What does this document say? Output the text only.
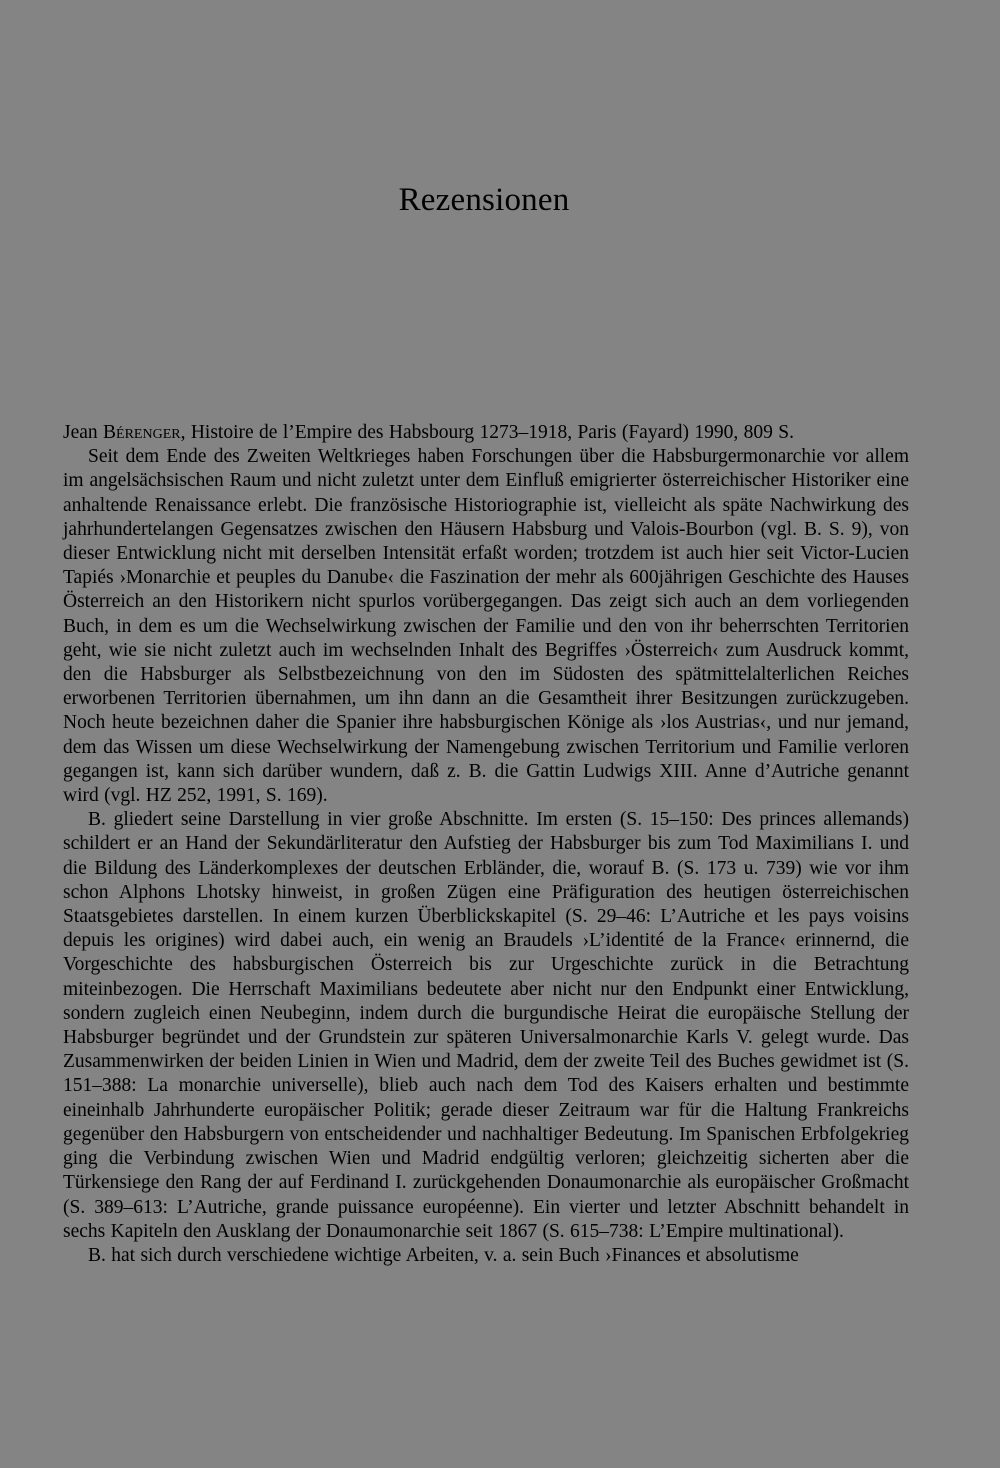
Rezensionen

Jean Bérenger, Histoire de l’Empire des Habsbourg 1273–1918, Paris (Fayard) 1990, 809 S.

Seit dem Ende des Zweiten Weltkrieges haben Forschungen über die Habsburgermonarchie vor allem im angelsächsischen Raum und nicht zuletzt unter dem Einfluß emigrierter österreichischer Historiker eine anhaltende Renaissance erlebt. Die französische Historiographie ist, vielleicht als späte Nachwirkung des jahrhundertelangen Gegensatzes zwischen den Häusern Habsburg und Valois-Bourbon (vgl. B. S. 9), von dieser Entwicklung nicht mit derselben Intensität erfaßt worden; trotzdem ist auch hier seit Victor-Lucien Tapiés ›Monarchie et peuples du Danube‹ die Faszination der mehr als 600jährigen Geschichte des Hauses Österreich an den Historikern nicht spurlos vorübergegangen. Das zeigt sich auch an dem vorliegenden Buch, in dem es um die Wechselwirkung zwischen der Familie und den von ihr beherrschten Territorien geht, wie sie nicht zuletzt auch im wechselnden Inhalt des Begriffes ›Österreich‹ zum Ausdruck kommt, den die Habsburger als Selbstbezeichnung von den im Südosten des spätmittelalterlichen Reiches erworbenen Territorien übernahmen, um ihn dann an die Gesamtheit ihrer Besitzungen zurückzugeben. Noch heute bezeichnen daher die Spanier ihre habsburgischen Könige als ›los Austrias‹, und nur jemand, dem das Wissen um diese Wechselwirkung der Namengebung zwischen Territorium und Familie verloren gegangen ist, kann sich darüber wundern, daß z. B. die Gattin Ludwigs XIII. Anne d’Autriche genannt wird (vgl. HZ 252, 1991, S. 169).

B. gliedert seine Darstellung in vier große Abschnitte. Im ersten (S. 15–150: Des princes allemands) schildert er an Hand der Sekundärliteratur den Aufstieg der Habsburger bis zum Tod Maximilians I. und die Bildung des Länderkomplexes der deutschen Erbländer, die, worauf B. (S. 173 u. 739) wie vor ihm schon Alphons Lhotsky hinweist, in großen Zügen eine Präfiguration des heutigen österreichischen Staatsgebietes darstellen. In einem kurzen Überblickskapitel (S. 29–46: L’Autriche et les pays voisins depuis les origines) wird dabei auch, ein wenig an Braudels ›L’identité de la France‹ erinnernd, die Vorgeschichte des habsburgischen Österreich bis zur Urgeschichte zurück in die Betrachtung miteinbezogen. Die Herrschaft Maximilians bedeutete aber nicht nur den Endpunkt einer Entwicklung, sondern zugleich einen Neubeginn, indem durch die burgundische Heirat die europäische Stellung der Habsburger begründet und der Grundstein zur späteren Universalmonarchie Karls V. gelegt wurde. Das Zusammenwirken der beiden Linien in Wien und Madrid, dem der zweite Teil des Buches gewidmet ist (S. 151–388: La monarchie universelle), blieb auch nach dem Tod des Kaisers erhalten und bestimmte eineinhalb Jahrhunderte europäischer Politik; gerade dieser Zeitraum war für die Haltung Frankreichs gegenüber den Habsburgern von entscheidender und nachhaltiger Bedeutung. Im Spanischen Erbfolgekrieg ging die Verbindung zwischen Wien und Madrid endgültig verloren; gleichzeitig sicherten aber die Türkensiege den Rang der auf Ferdinand I. zurückgehenden Donaumonarchie als europäischer Großmacht (S. 389–613: L’Autriche, grande puissance européenne). Ein vierter und letzter Abschnitt behandelt in sechs Kapiteln den Ausklang der Donaumonarchie seit 1867 (S. 615–738: L’Empire multinational).

B. hat sich durch verschiedene wichtige Arbeiten, v. a. sein Buch ›Finances et absolutisme
